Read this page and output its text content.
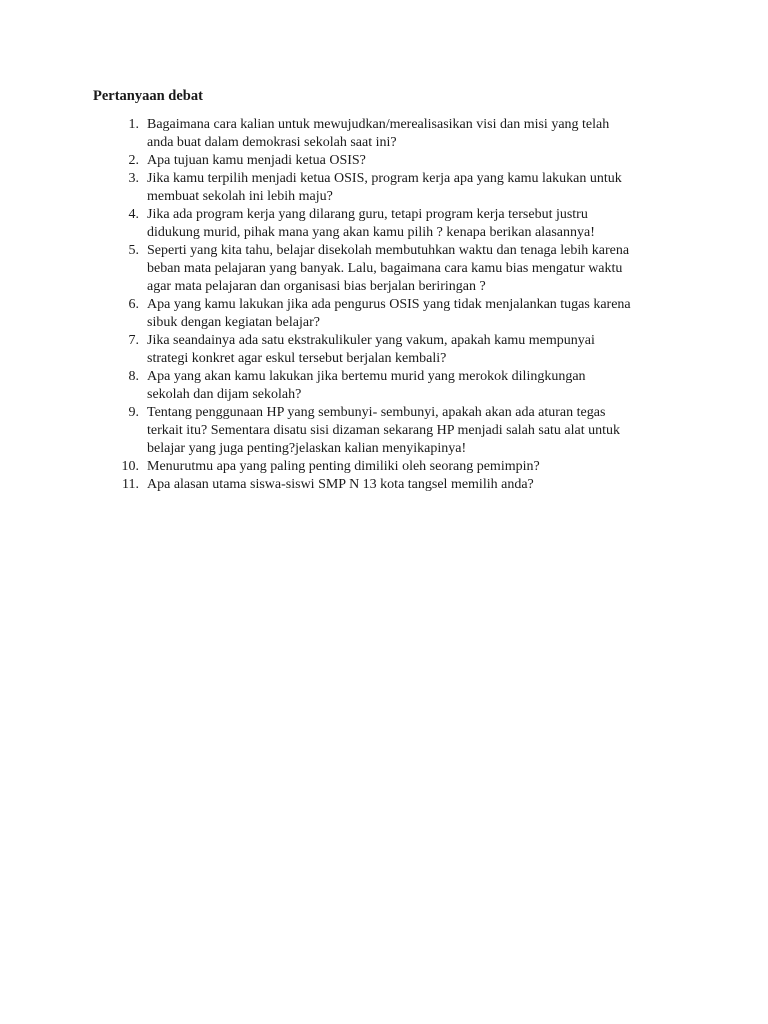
Pertanyaan debat
1. Bagaimana cara kalian untuk mewujudkan/merealisasikan visi dan misi yang telah
anda buat dalam demokrasi sekolah saat ini?
2. Apa tujuan kamu menjadi ketua OSIS?
3. Jika kamu terpilih menjadi ketua OSIS, program kerja apa yang kamu lakukan untuk
membuat sekolah ini lebih maju?
4. Jika ada program kerja yang dilarang guru, tetapi program kerja tersebut justru
didukung murid, pihak mana yang akan kamu pilih ? kenapa berikan alasannya!
5. Seperti yang kita tahu, belajar disekolah membutuhkan waktu dan tenaga lebih karena
beban mata pelajaran yang banyak. Lalu, bagaimana cara kamu bias mengatur waktu
agar mata pelajaran dan organisasi bias berjalan beriringan ?
6. Apa yang kamu lakukan jika ada pengurus OSIS yang tidak menjalankan tugas karena
sibuk dengan kegiatan belajar?
7. Jika seandainya ada satu ekstrakulikuler yang vakum, apakah kamu mempunyai
strategi konkret agar eskul tersebut berjalan kembali?
8. Apa yang akan kamu lakukan jika bertemu murid yang merokok dilingkungan
sekolah dan dijam sekolah?
9. Tentang penggunaan HP yang sembunyi- sembunyi, apakah akan ada aturan tegas
terkait itu? Sementara disatu sisi dizaman sekarang HP menjadi salah satu alat untuk
belajar yang juga penting?jelaskan kalian menyikapinya!
10. Menurutmu apa yang paling penting dimiliki oleh seorang pemimpin?
11. Apa alasan utama siswa-siswi SMP N 13 kota tangsel memilih anda?
